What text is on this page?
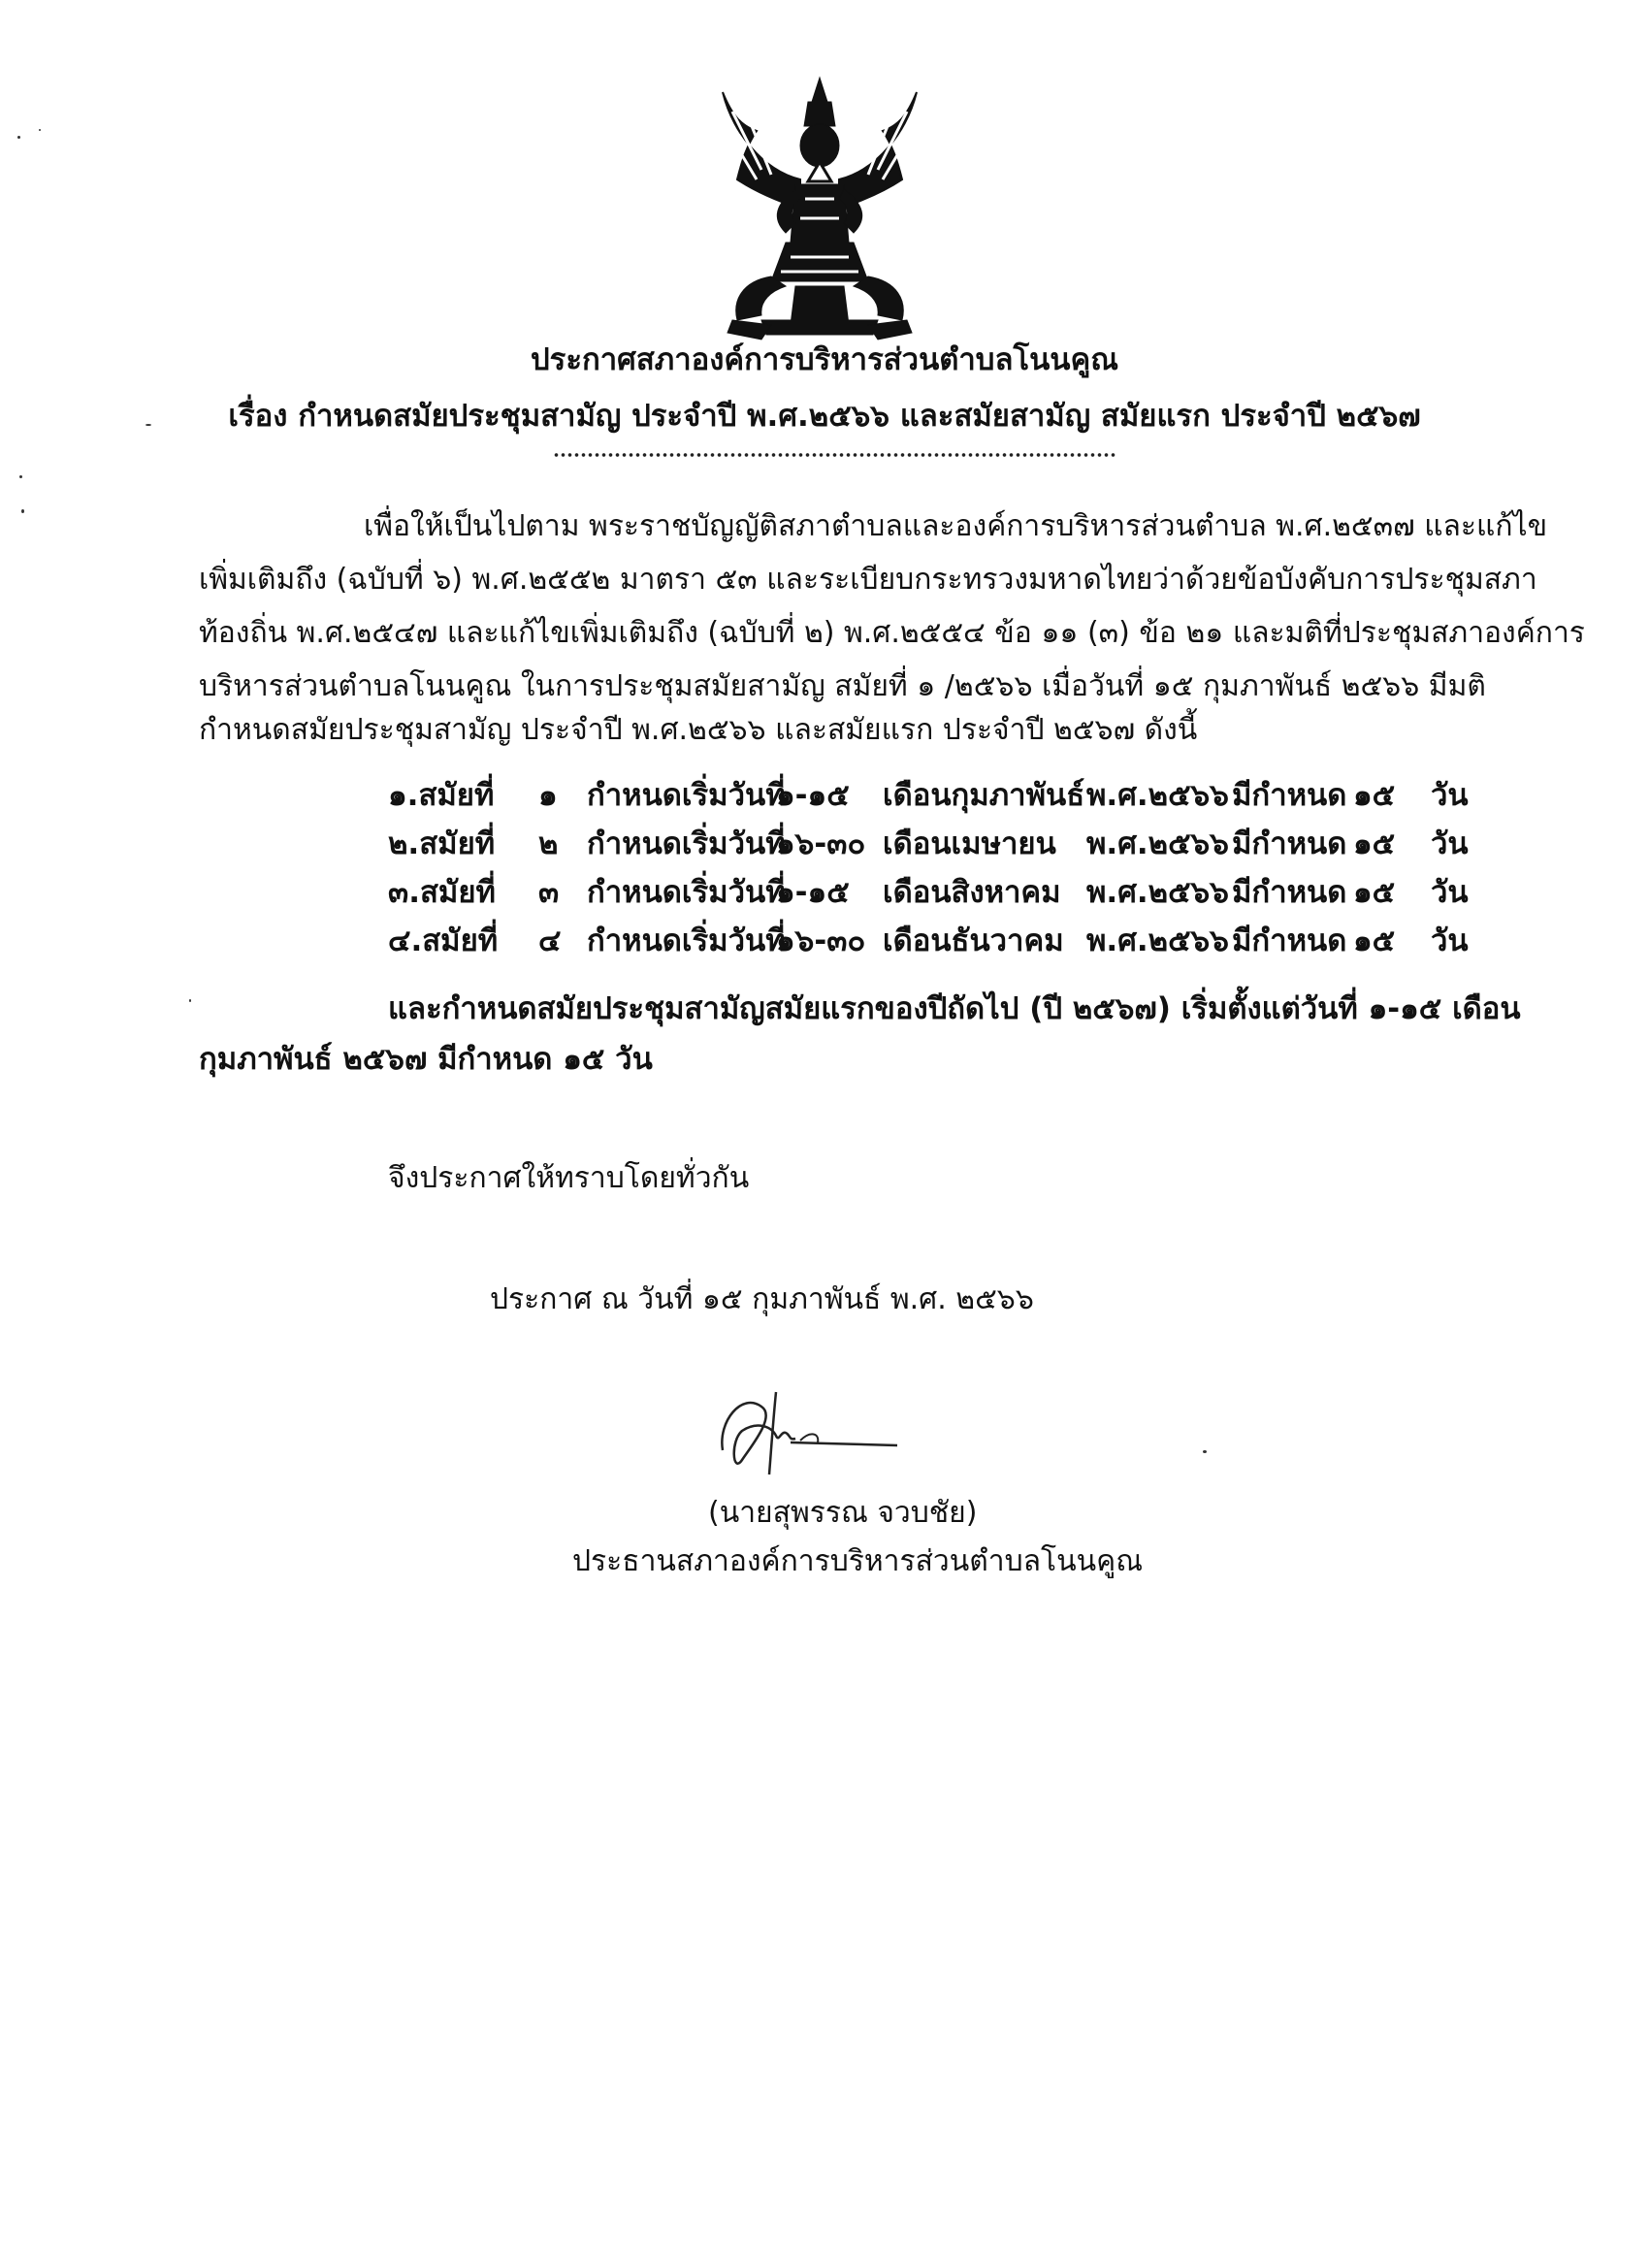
ประกาศสภาองค์การบริหารส่วนตำบลโนนคูณ
เรื่อง กำหนดสมัยประชุมสามัญ ประจำปี พ.ศ.๒๕๖๖ และสมัยสามัญ สมัยแรก ประจำปี ๒๕๖๗
เพื่อให้เป็นไปตาม พระราชบัญญัติสภาตำบลและองค์การบริหารส่วนตำบล พ.ศ.๒๕๓๗ และแก้ไข
เพิ่มเติมถึง (ฉบับที่ ๖) พ.ศ.๒๕๕๒ มาตรา ๕๓ และระเบียบกระทรวงมหาดไทยว่าด้วยข้อบังคับการประชุมสภา
ท้องถิ่น พ.ศ.๒๕๔๗ และแก้ไขเพิ่มเติมถึง (ฉบับที่ ๒) พ.ศ.๒๕๕๔ ข้อ ๑๑ (๓) ข้อ ๒๑ และมติที่ประชุมสภาองค์การ
บริหารส่วนตำบลโนนคูณ ในการประชุมสมัยสามัญ สมัยที่ ๑ /๒๕๖๖ เมื่อวันที่ ๑๕ กุมภาพันธ์ ๒๕๖๖ มีมติ
กำหนดสมัยประชุมสามัญ ประจำปี พ.ศ.๒๕๖๖ และสมัยแรก ประจำปี ๒๕๖๗ ดังนี้
๑.สมัยที่ ๑ กำหนดเริ่มวันที่
๑-๑๕ เดือนกุมภาพันธ์ พ.ศ.๒๕๖๖ มีกำหนด ๑๕ วัน
๒.สมัยที่ ๒ กำหนดเริ่มวันที่
๑๖-๓๐ เดือนเมษายน พ.ศ.๒๕๖๖ มีกำหนด ๑๕ วัน
๓.สมัยที่ ๓ กำหนดเริ่มวันที่
๑-๑๕ เดือนสิงหาคม พ.ศ.๒๕๖๖ มีกำหนด ๑๕ วัน
๔.สมัยที่ ๔ กำหนดเริ่มวันที่
๑๖-๓๐ เดือนธันวาคม พ.ศ.๒๕๖๖ มีกำหนด ๑๕ วัน
และกำหนดสมัยประชุมสามัญสมัยแรกของปีถัดไป (ปี ๒๕๖๗) เริ่มตั้งแต่วันที่ ๑-๑๕ เดือน
กุมภาพันธ์ ๒๕๖๗ มีกำหนด ๑๕ วัน
จึงประกาศให้ทราบโดยทั่วกัน
ประกาศ ณ วันที่ ๑๕ กุมภาพันธ์ พ.ศ. ๒๕๖๖
(นายสุพรรณ จวบชัย)
ประธานสภาองค์การบริหารส่วนตำบลโนนคูณ
